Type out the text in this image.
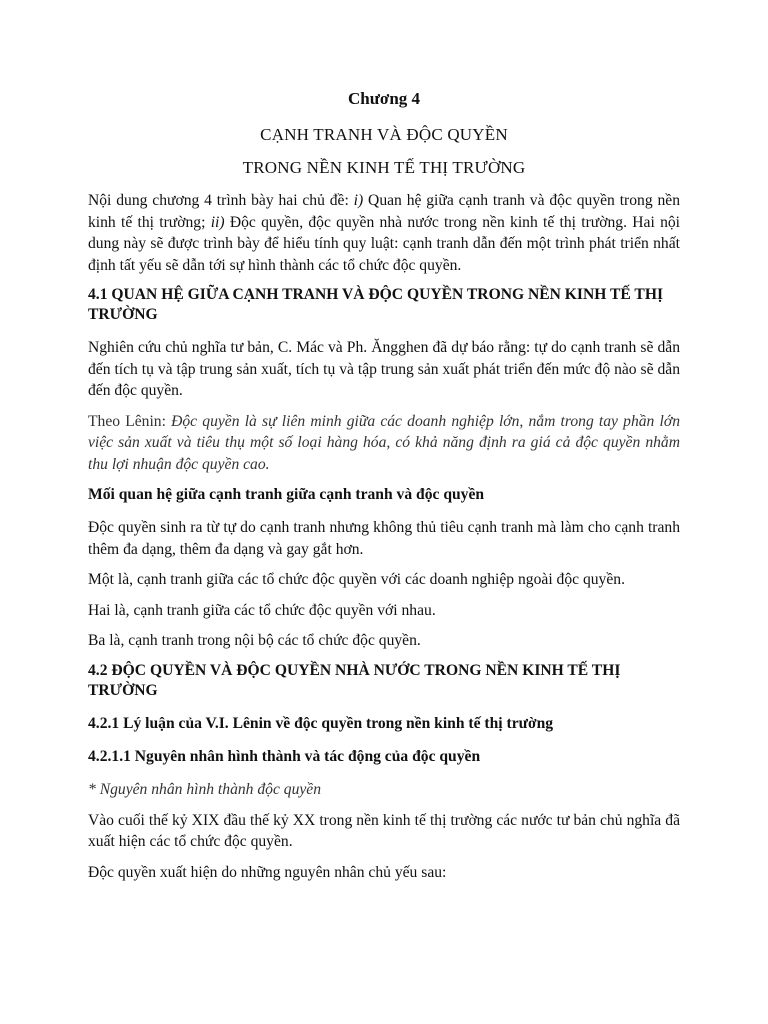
Chương 4
CẠNH TRANH VÀ ĐỘC QUYỀN
TRONG NỀN KINH TẾ THỊ TRƯỜNG

Nội dung chương 4 trình bày hai chủ đề: i) Quan hệ giữa cạnh tranh và độc quyền trong nền kinh tế thị trường; ii) Độc quyền, độc quyền nhà nước trong nền kinh tế thị trường. Hai nội dung này sẽ được trình bày để hiểu tính quy luật: cạnh tranh dẫn đến một trình phát triển nhất định tất yếu sẽ dẫn tới sự hình thành các tổ chức độc quyền.

4.1 QUAN HỆ GIỮA CẠNH TRANH VÀ ĐỘC QUYỀN TRONG NỀN KINH TẾ THỊ TRƯỜNG

Nghiên cứu chủ nghĩa tư bản, C. Mác và Ph. Ăngghen đã dự báo rằng: tự do cạnh tranh sẽ dẫn đến tích tụ và tập trung sản xuất, tích tụ và tập trung sản xuất phát triển đến mức độ nào sẽ dẫn đến độc quyền.

Theo Lênin: Độc quyền là sự liên minh giữa các doanh nghiệp lớn, nắm trong tay phần lớn việc sản xuất và tiêu thụ một số loại hàng hóa, có khả năng định ra giá cả độc quyền nhằm thu lợi nhuận độc quyền cao.

Mối quan hệ giữa cạnh tranh giữa cạnh tranh và độc quyền

Độc quyền sinh ra từ tự do cạnh tranh nhưng không thủ tiêu cạnh tranh mà làm cho cạnh tranh thêm đa dạng, thêm đa dạng và gay gắt hơn.

Một là, cạnh tranh giữa các tổ chức độc quyền với các doanh nghiệp ngoài độc quyền.

Hai là, cạnh tranh giữa các tổ chức độc quyền với nhau.

Ba là, cạnh tranh trong nội bộ các tổ chức độc quyền.

4.2 ĐỘC QUYỀN VÀ ĐỘC QUYỀN NHÀ NƯỚC TRONG NỀN KINH TẾ THỊ TRƯỜNG
4.2.1 Lý luận của V.I. Lênin về độc quyền trong nền kinh tế thị trường
4.2.1.1 Nguyên nhân hình thành và tác động của độc quyền
* Nguyên nhân hình thành độc quyền

Vào cuối thế kỷ XIX đầu thế kỷ XX trong nền kinh tế thị trường các nước tư bản chủ nghĩa đã xuất hiện các tổ chức độc quyền.

Độc quyền xuất hiện do những nguyên nhân chủ yếu sau:
